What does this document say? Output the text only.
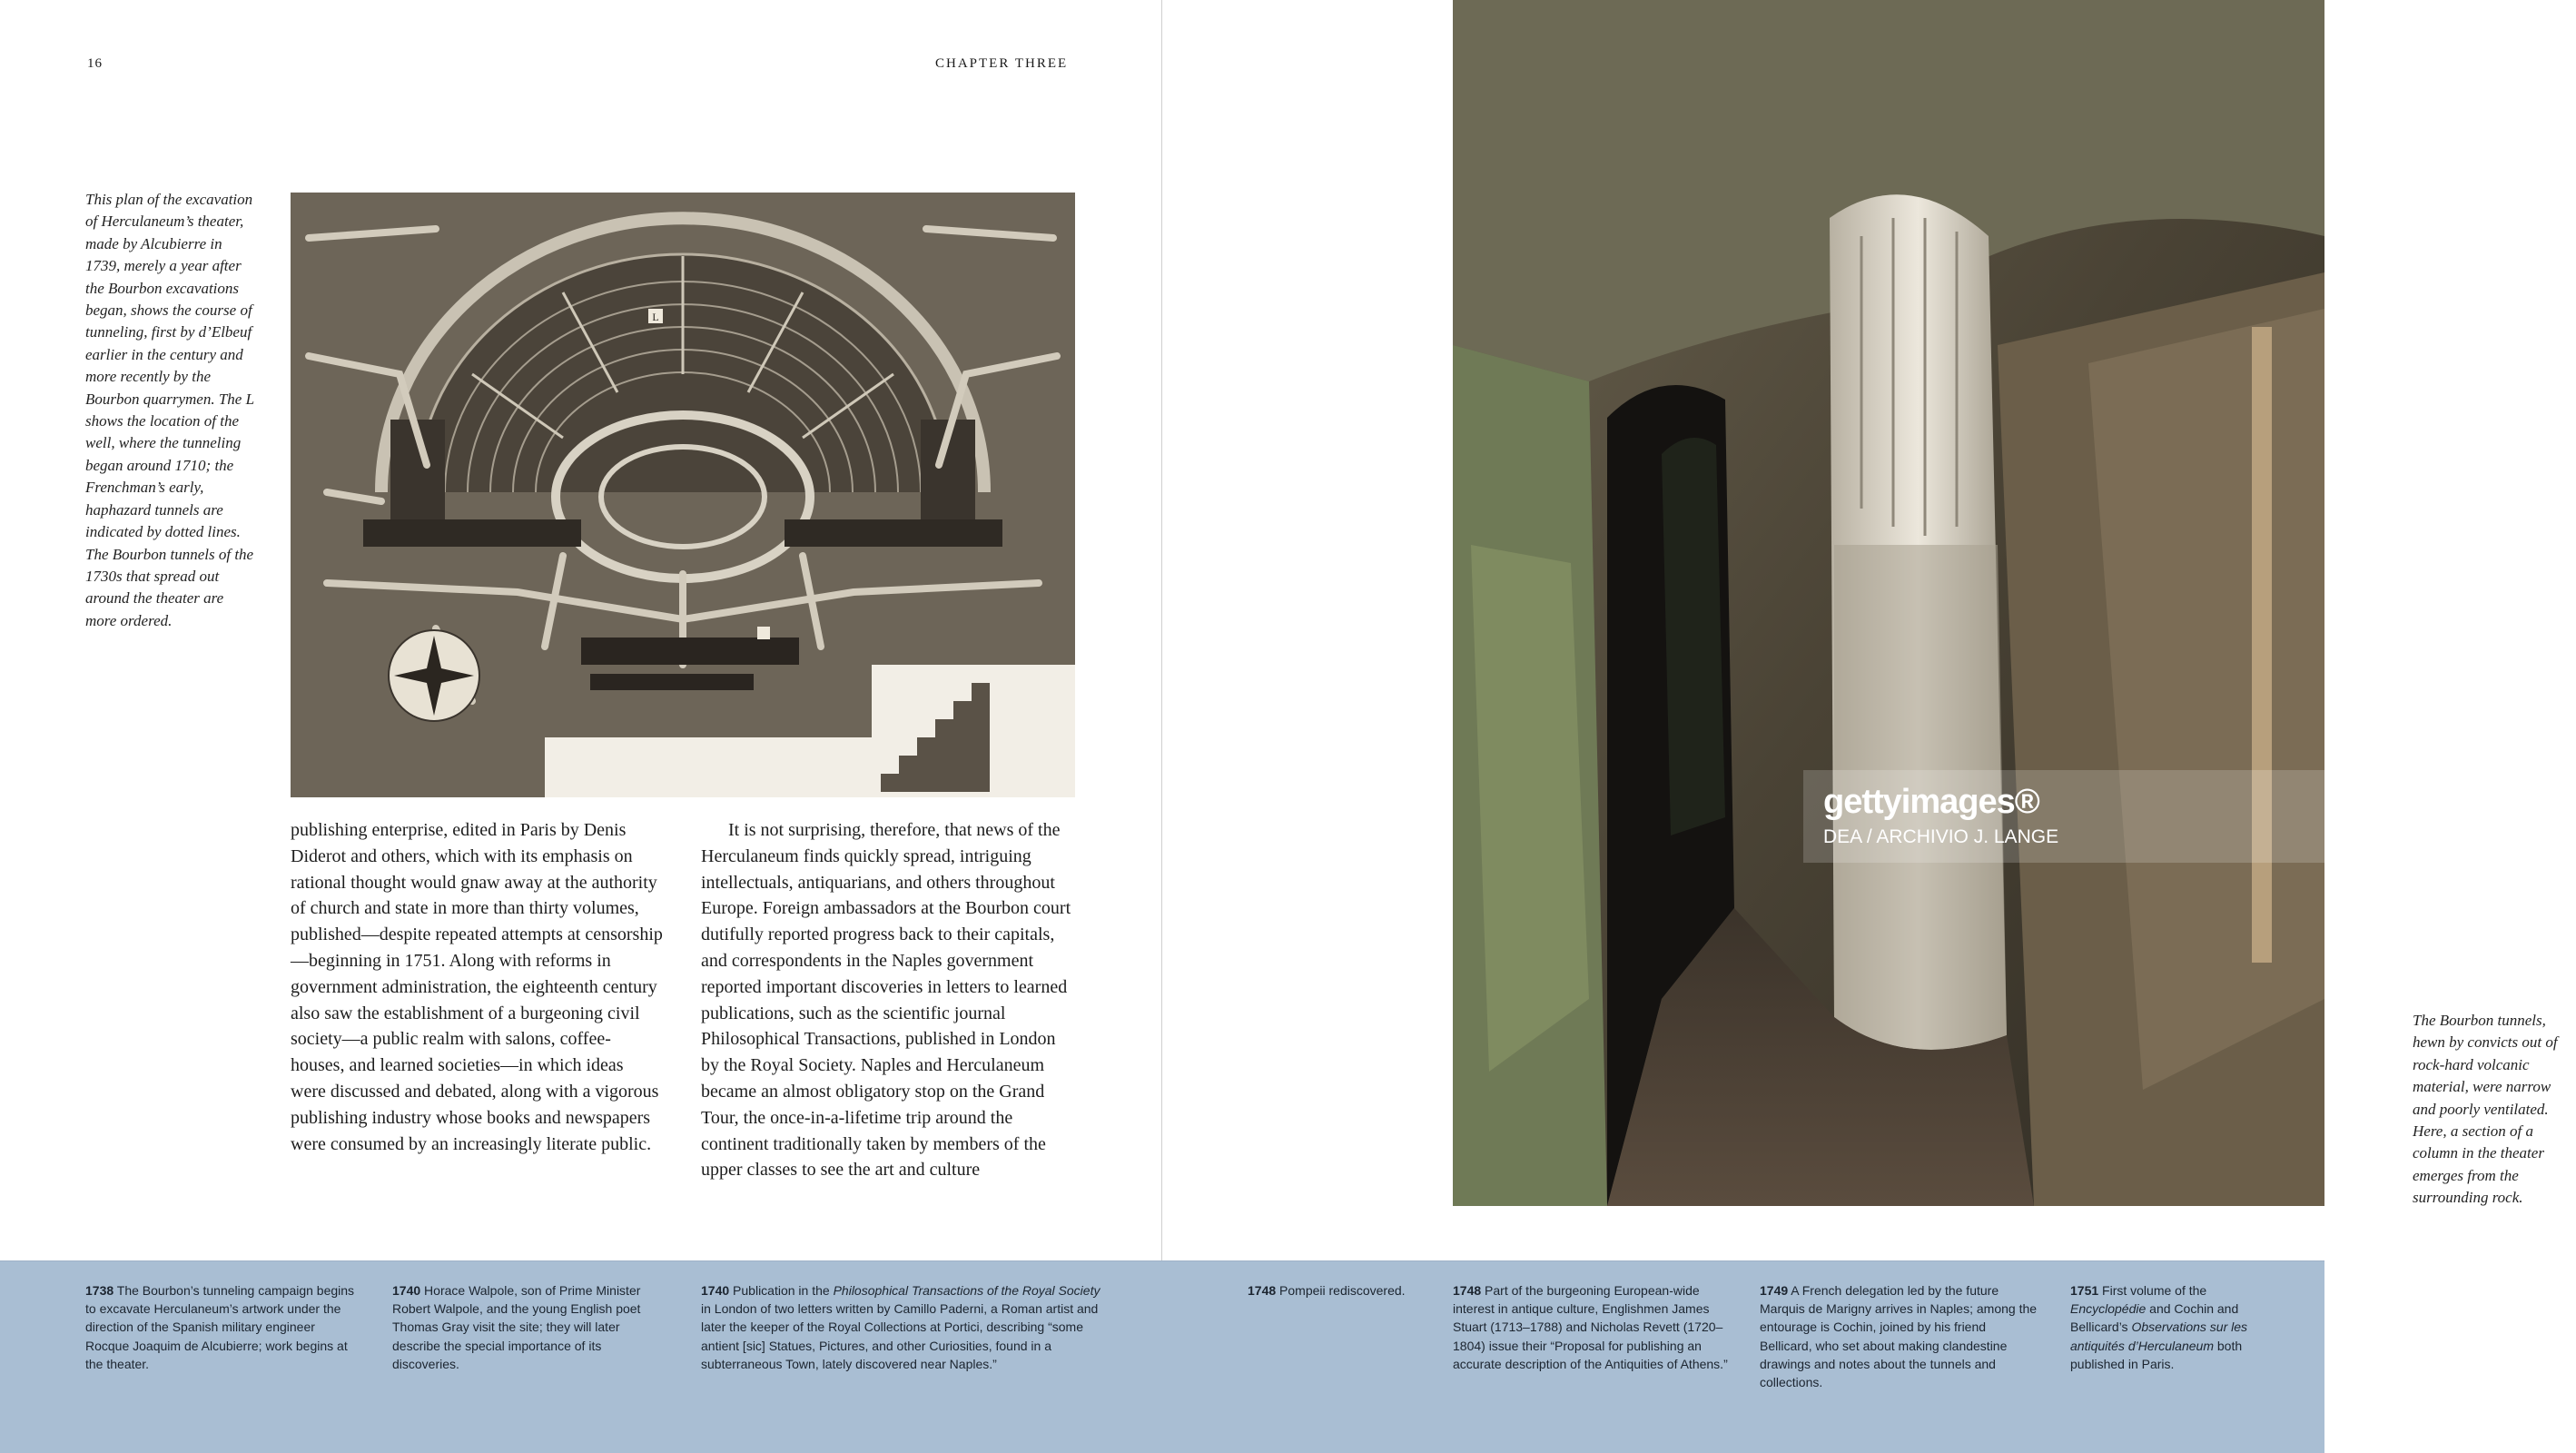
16	CHAPTER THREE
This plan of the excavation of Herculaneum’s theater, made by Alcubierre in 1739, merely a year after the Bourbon excavations began, shows the course of tunneling, first by d’Elbeuf earlier in the century and more recently by the Bourbon quarrymen. The L shows the location of the well, where the tunneling began around 1710; the Frenchman’s early, haphazard tunnels are indicated by dotted lines. The Bourbon tunnels of the 1730s that spread out around the theater are more ordered.
L

publishing enterprise, edited in Paris by Denis Diderot and others, which with its emphasis on rational thought would gnaw away at the authority of church and state in more than thirty volumes, published—despite repeated attempts at censorship—beginning in 1751. Along with reforms in government administration, the eighteenth century also saw the establishment of a burgeoning civil society—a public realm with salons, coffee-houses, and learned societies—in which ideas were discussed and debated, along with a vigorous publishing industry whose books and newspapers were consumed by an increasingly literate public.

It is not surprising, therefore, that news of the Herculaneum finds quickly spread, intriguing intellectuals, antiquarians, and others throughout Europe. Foreign ambassadors at the Bourbon court dutifully reported progress back to their capitals, and correspondents in the Naples government reported important discoveries in letters to learned publications, such as the scientific journal Philosophical Transactions, published in London by the Royal Society. Naples and Herculaneum became an almost obligatory stop on the Grand Tour, the once-in-a-lifetime trip around the continent traditionally taken by members of the upper classes to see the art and culture

The Bourbon tunnels, hewn by convicts out of rock-hard volcanic material, were narrow and poorly ventilated. Here, a section of a column in the theater emerges from the surrounding rock.
gettyimages®
DEA / ARCHIVIO J. LANGE
1738 The Bourbon’s tunneling campaign begins to excavate Herculaneum’s artwork under the direction of the Spanish military engineer Rocque Joaquim de Alcubierre; work begins at the theater.
1740 Horace Walpole, son of Prime Minister Robert Walpole, and the young English poet Thomas Gray visit the site; they will later describe the special importance of its discoveries.
1740 Publication in the Philosophical Transactions of the Royal Society in London of two letters written by Camillo Paderni, a Roman artist and later the keeper of the Royal Collections at Portici, describing “some antient [sic] Statues, Pictures, and other Curiosities, found in a subterraneous Town, lately discovered near Naples.”
1748 Pompeii rediscovered.	1748 Part of the burgeoning European-wide interest in antique culture, Englishmen James Stuart (1713–1788) and Nicholas Revett (1720–1804) issue their “Proposal for publishing an accurate description of the Antiquities of Athens.”
1749 A French delegation led by the future Marquis de Marigny arrives in Naples; among the entourage is Cochin, joined by his friend Bellicard, who set about making clandestine drawings and notes about the tunnels and collections.
1751 First volume of the Encyclopédie and Cochin and Bellicard’s Observations sur les antiquités d’Herculaneum both published in Paris.
